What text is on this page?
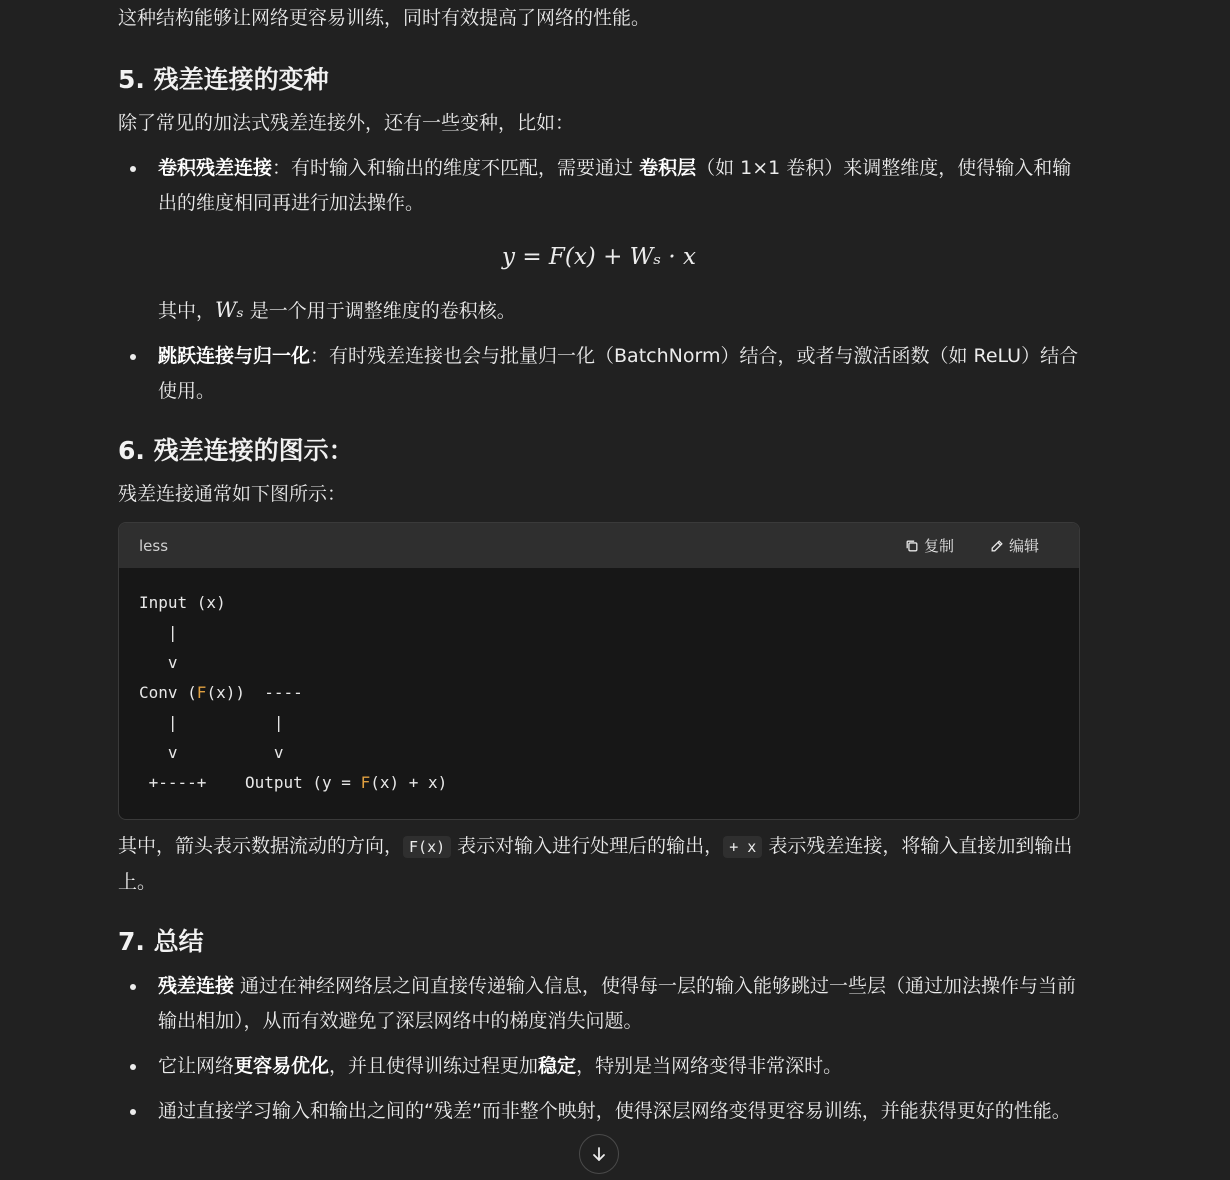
这种结构能够让网络更容易训练，同时有效提高了网络的性能。

5. 残差连接的变种

除了常见的加法式残差连接外，还有一些变种，比如：

卷积残差连接：有时输入和输出的维度不匹配，需要通过 卷积层（如 1×1 卷积）来调整维度，使得输入和输出的维度相同再进行加法操作。
y = F(x) + Wₛ · x
其中，Wₛ 是一个用于调整维度的卷积核。
跳跃连接与归一化：有时残差连接也会与批量归一化（BatchNorm）结合，或者与激活函数（如 ReLU）结合使用。
6. 残差连接的图示：

残差连接通常如下图所示：

less	复制	编辑
Input (x)
|
v
Conv (F(x))  ----
|          |
v          v
+----+    Output (y = F(x) + x)

其中，箭头表示数据流动的方向， F(x) 表示对输入进行处理后的输出， + x 表示残差连接，将输入直接加到输出上。

7. 总结
残差连接 通过在神经网络层之间直接传递输入信息，使得每一层的输入能够跳过一些层（通过加法操作与当前输出相加），从而有效避免了深层网络中的梯度消失问题。
它让网络更容易优化，并且使得训练过程更加稳定，特别是当网络变得非常深时。
通过直接学习输入和输出之间的“残差”而非整个映射，使得深层网络变得更容易训练，并能获得更好的性能。
